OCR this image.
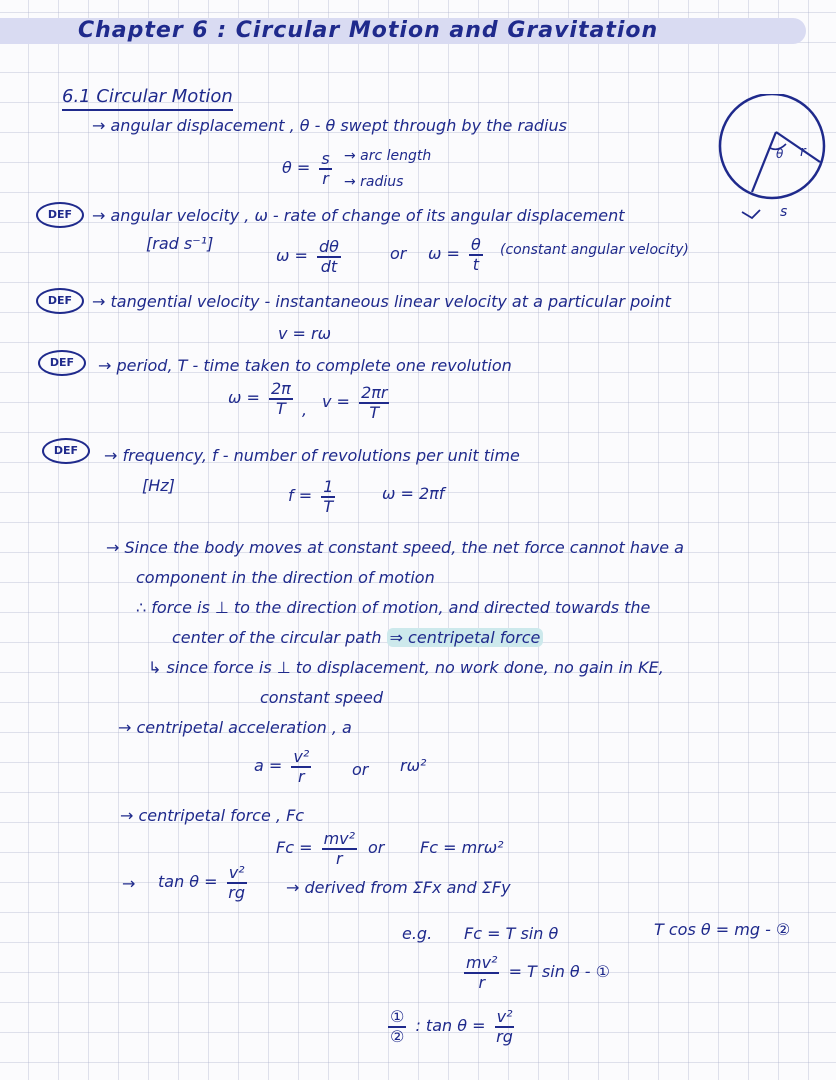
Chapter 6 : Circular Motion and Gravitation
6.1 Circular Motion
→ angular displacement , θ - θ swept through by the radius
$\theta = \frac{s}{r}$ → arc length
→ radius
r
θ
s
DEF	→ angular velocity , ω - rate of change of its angular displacement
[rad s⁻¹]
$\omega = \frac{d\theta}{dt}$	or $\omega = \frac{\theta}{t}$ (constant angular velocity)
DEF	→ tangential velocity - instantaneous linear velocity at a particular point
v = rω
DEF	→ period, T - time taken to complete one revolution
$\omega = \frac{2\pi}{T}$ , $v = \frac{2\pi r}{T}$
DEF	→ frequency, f - number of revolutions per unit time
[Hz]
$f = \frac{1}{T}$	ω = 2πf
→ Since the body moves at constant speed, the net force cannot have a
component in the direction of motion
∴ force is ⊥ to the direction of motion, and directed towards the
center of the circular path ⇒ centripetal force
↳ since force is ⊥ to displacement, no work done, no gain in KE,
constant speed
→ centripetal acceleration , a
$a = \frac{\text{v²}}{r}$	or rω²
→ centripetal force , Fc
$Fc = \frac{\text{mv²}}{r}$ or Fc = mrω²
→ $\tan \theta = \frac{\text{v²}}{rg}$ → derived from ΣFx and ΣFy
e.g. Fc = T sin θ	T cos θ = mg - ②
$\frac{\text{mv²}}{r} = T$ sin θ - ①
$\frac{\text{①}}{\text{②}}$ : $\tan \theta = \frac{\text{v²}}{rg}$
